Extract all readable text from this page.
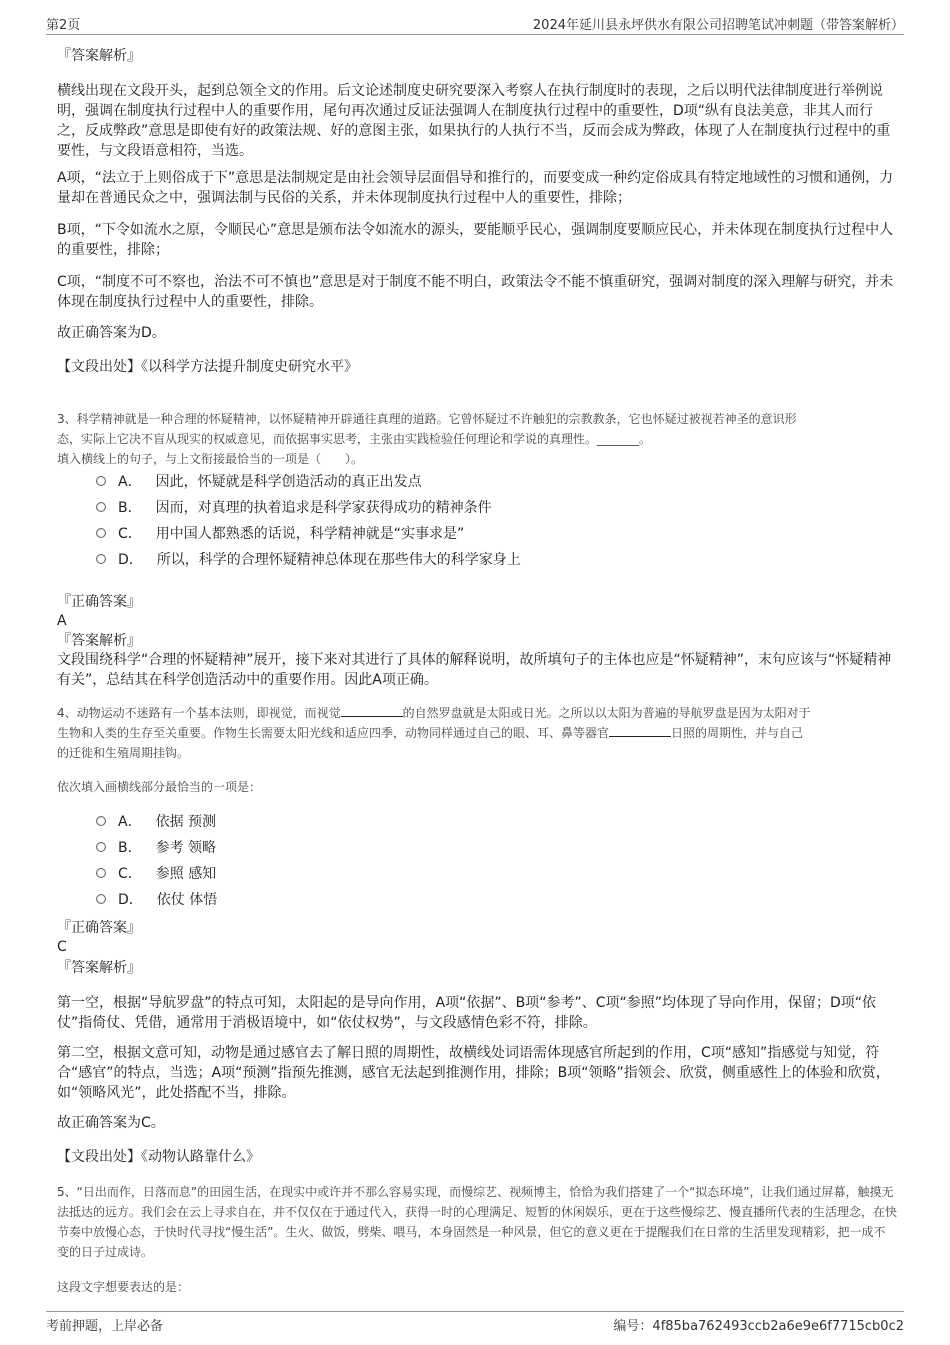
第2页	2024年延川县永坪供水有限公司招聘笔试冲刺题（带答案解析）
『答案解析』
横线出现在文段开头，起到总领全文的作用。后文论述制度史研究要深入考察人在执行制度时的表现，之后以明代法律制度进行举例说明，强调在制度执行过程中人的重要作用，尾句再次通过反证法强调人在制度执行过程中的重要性，D项“纵有良法美意，非其人而行之，反成弊政”意思是即使有好的政策法规、好的意图主张，如果执行的人执行不当，反而会成为弊政，体现了人在制度执行过程中的重要性，与文段语意相符，当选。
A项，“法立于上则俗成于下”意思是法制规定是由社会领导层面倡导和推行的，而要变成一种约定俗成具有特定地域性的习惯和通例，力量却在普通民众之中，强调法制与民俗的关系，并未体现制度执行过程中人的重要性，排除；
B项，“下令如流水之原，令顺民心”意思是颁布法令如流水的源头，要能顺乎民心，强调制度要顺应民心，并未体现在制度执行过程中人的重要性，排除；
C项，“制度不可不察也，治法不可不慎也”意思是对于制度不能不明白，政策法令不能不慎重研究，强调对制度的深入理解与研究，并未体现在制度执行过程中人的重要性，排除。
故正确答案为D。
【文段出处】《以科学方法提升制度史研究水平》
3、科学精神就是一种合理的怀疑精神，以怀疑精神开辟通往真理的道路。它曾怀疑过不许触犯的宗教教条，它也怀疑过被视若神圣的意识形
态，实际上它决不盲从现实的权威意见，而依据事实思考，主张由实践检验任何理论和学说的真理性。_______。
填入横线上的句子，与上文衔接最恰当的一项是（　　）。
A． 因此，怀疑就是科学创造活动的真正出发点
B． 因而，对真理的执着追求是科学家获得成功的精神条件
C． 用中国人都熟悉的话说，科学精神就是“实事求是”
D． 所以，科学的合理怀疑精神总体现在那些伟大的科学家身上
『正确答案』
A
『答案解析』
文段围绕科学“合理的怀疑精神”展开，接下来对其进行了具体的解释说明，故所填句子的主体也应是“怀疑精神”，末句应该与“怀疑精神有关”，总结其在科学创造活动中的重要作用。因此A项正确。
4、动物运动不迷路有一个基本法则，即视觉，而视觉	的自然罗盘就是太阳或日光。之所以以太阳为普遍的导航罗盘是因为太阳对于
生物和人类的生存至关重要。作物生长需要太阳光线和适应四季，动物同样通过自己的眼、耳、鼻等器官	日照的周期性，并与自己
的迁徙和生殖周期挂钩。
依次填入画横线部分最恰当的一项是：
A． 依据 预测
B． 参考 领略
C． 参照 感知
D． 依仗 体悟
『正确答案』
C
『答案解析』
第一空，根据“导航罗盘”的特点可知，太阳起的是导向作用，A项“依据”、B项“参考”、C项“参照”均体现了导向作用，保留；D项“依仗”指倚仗、凭借，通常用于消极语境中，如“依仗权势”，与文段感情色彩不符，排除。
第二空，根据文意可知，动物是通过感官去了解日照的周期性，故横线处词语需体现感官所起到的作用，C项“感知”指感觉与知觉，符合“感官”的特点，当选；A项“预测”指预先推测，感官无法起到推测作用，排除；B项“领略”指领会、欣赏，侧重感性上的体验和欣赏，如“领略风光”，此处搭配不当，排除。
故正确答案为C。
【文段出处】《动物认路靠什么》
5、“日出而作，日落而息”的田园生活，在现实中或许并不那么容易实现，而慢综艺、视频博主，恰恰为我们搭建了一个“拟态环境”，让我们通过屏幕，触摸无法抵达的远方。我们会在云上寻求自在，并不仅仅在于通过代入，获得一时的心理满足、短暂的休闲娱乐，更在于这些慢综艺、慢直播所代表的生活理念，在快节奏中放慢心态，于快时代寻找“慢生活”。生火、做饭，劈柴、喂马，本身固然是一种风景，但它的意义更在于提醒我们在日常的生活里发现精彩，把一成不变的日子过成诗。
这段文字想要表达的是：
考前押题，上岸必备	编号：4f85ba762493ccb2a6e9e6f7715cb0c2
